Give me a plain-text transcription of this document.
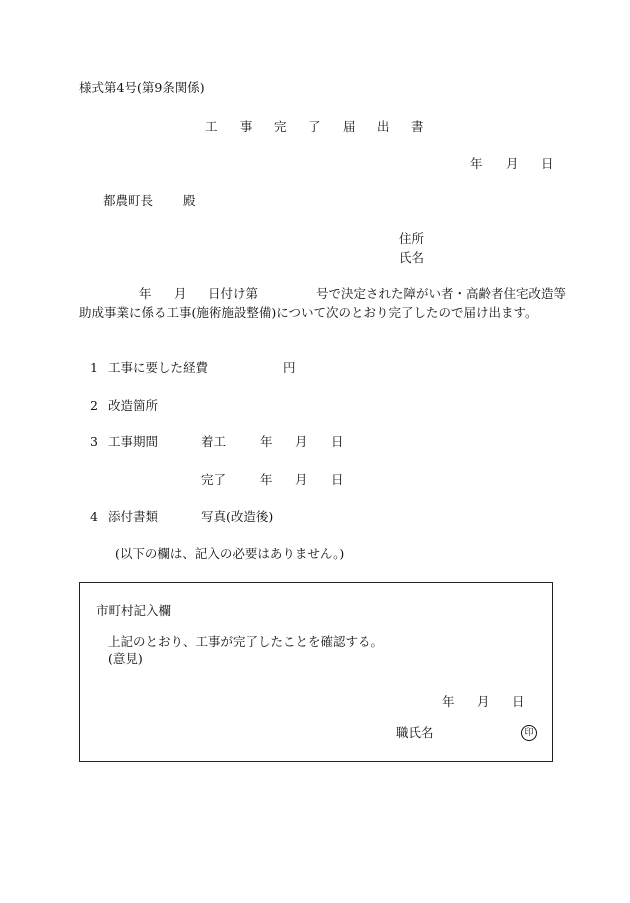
様式第4号(第9条関係)
工 事 完 了 届 出 書
年 月 日
都農町長 殿
住所
氏名
年 月 日付け第	号で決定された障がい者・高齢者住宅改造等
助成事業に係る工事(施術施設整備)について次のとおり完了したので届け出ます。
1 工事に要した経費	円
2 改造箇所
3 工事期間	着工	年 月 日
完了	年 月 日
4 添付書類	写真(改造後)
(以下の欄は、記入の必要はありません。)
市町村記入欄
上記のとおり、工事が完了したことを確認する。
(意見)
年 月 日
職氏名	印
